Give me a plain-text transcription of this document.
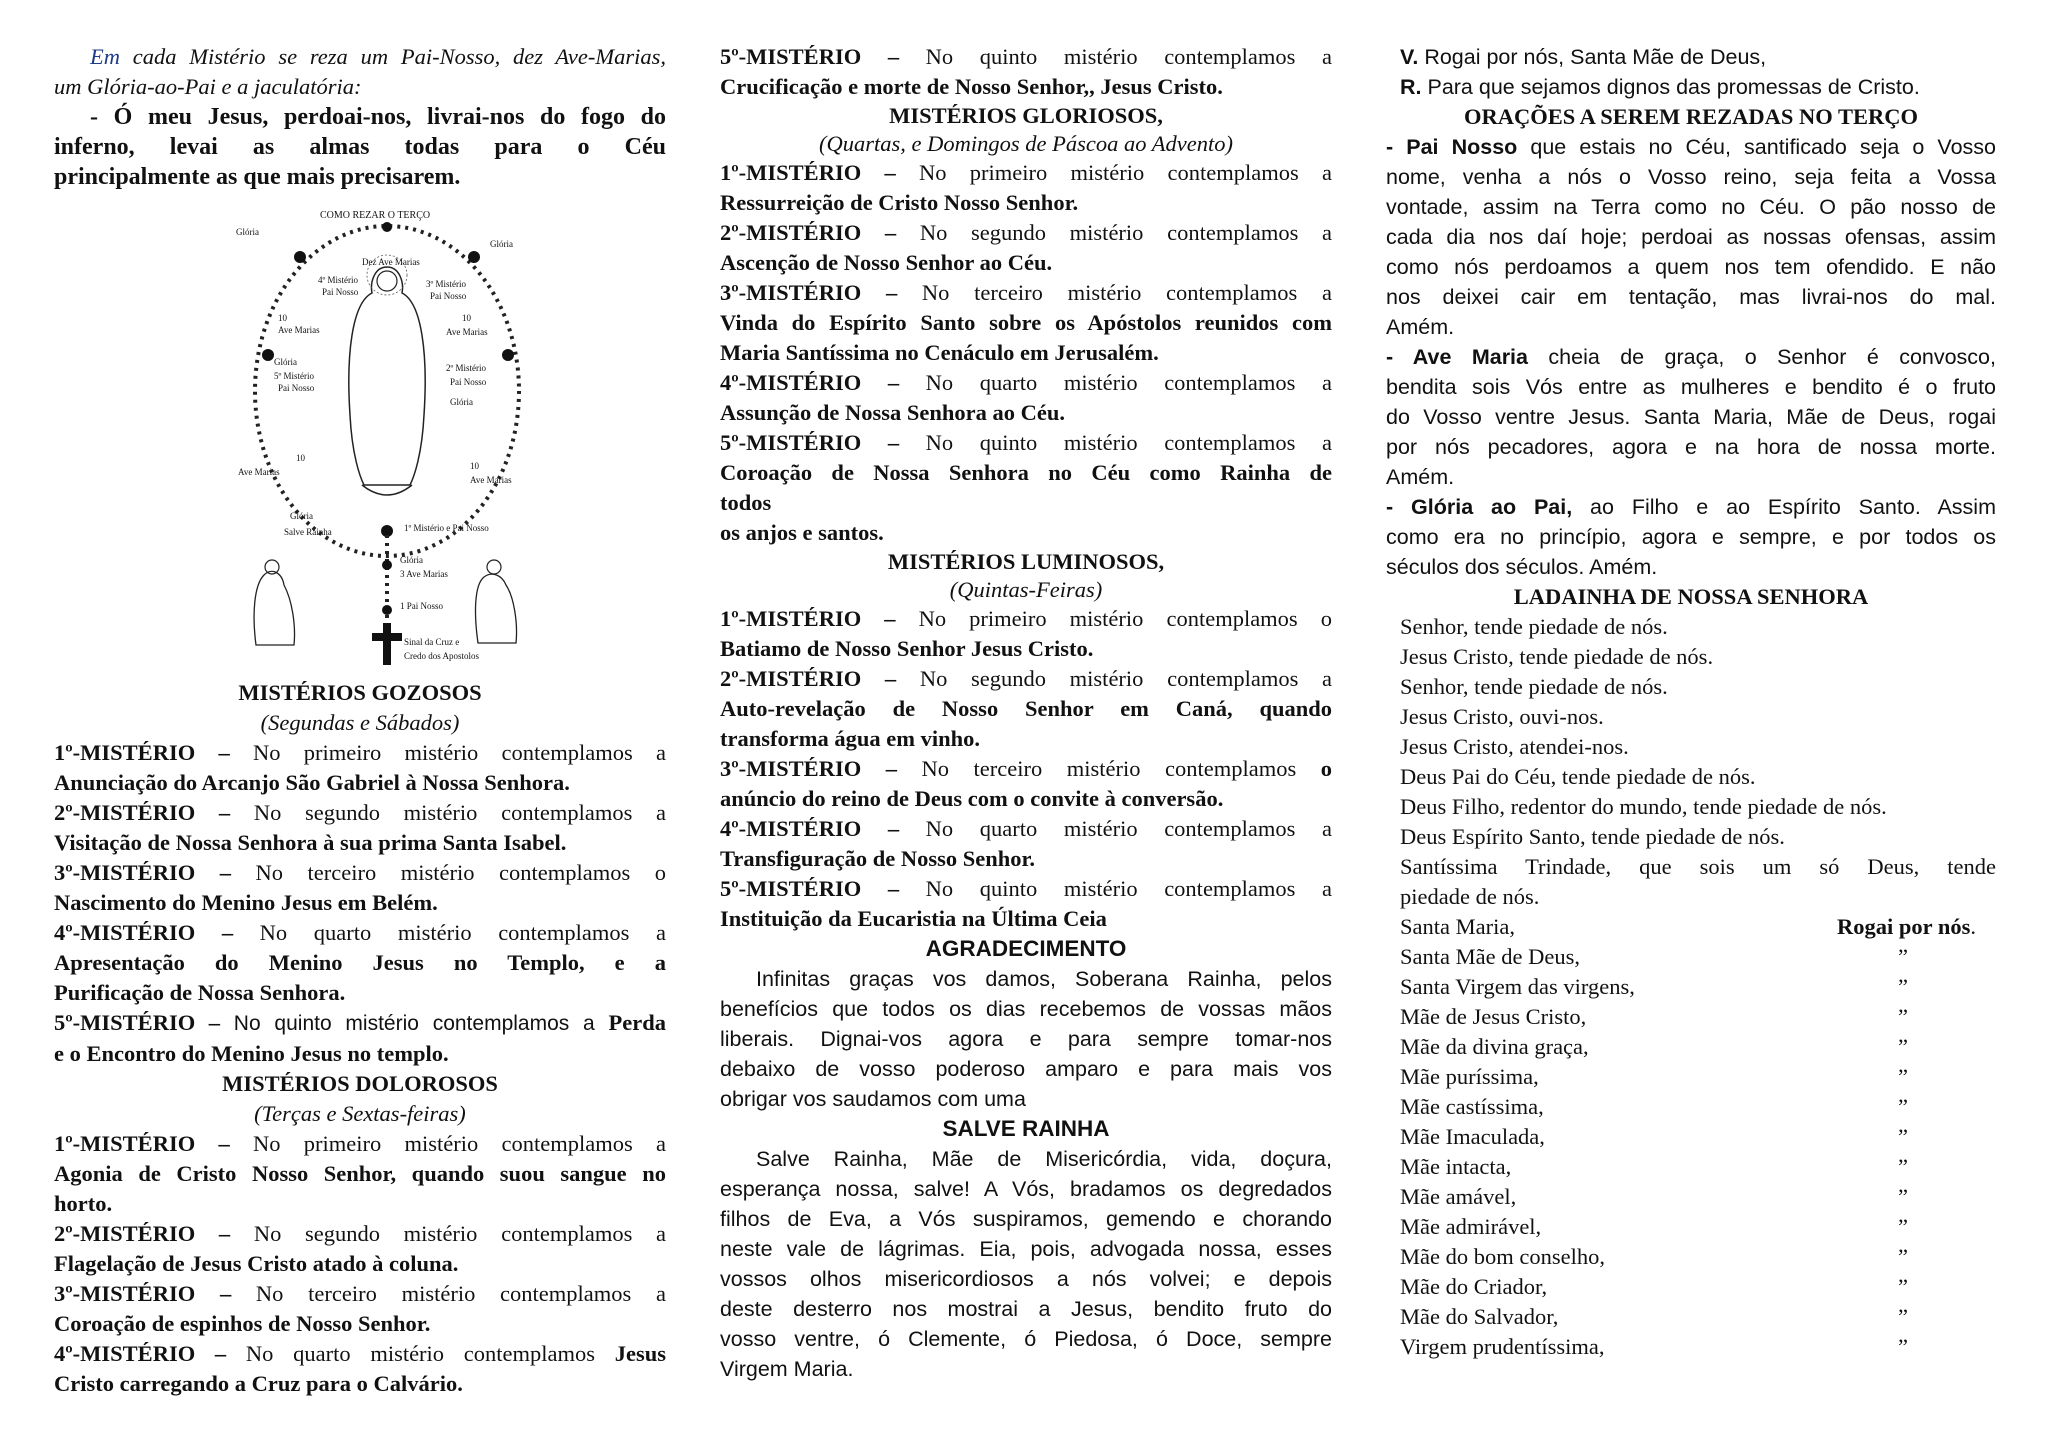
Em cada Mistério se reza um Pai-Nosso, dez Ave-Marias,

um Glória-ao-Pai e a jaculatória:

- Ó meu Jesus, perdoai-nos, livrai-nos do fogo do

inferno, levai as almas todas para o Céu

principalmente as que mais precisarem.

COMO REZAR O TERÇO
Glória
Glória
Dez Ave Marias
4º Mistério
Pai Nosso
3º Mistério
Pai Nosso
10
Ave Marias
10
Ave Marias
Glória
5º Mistério
Pai Nosso
2º Mistério
Pai Nosso
Glória
10
Ave Marias
10
Ave Marias
Glória
Salve Rainha	1º Mistério e Pai Nosso
Glória
3 Ave Marias
1 Pai Nosso
Sinal da Cruz e
Credo dos Apostolos

MISTÉRIOS GOZOSOS

(Segundas e Sábados)

1º-MISTÉRIO – No primeiro mistério contemplamos a

Anunciação do Arcanjo São Gabriel à Nossa Senhora.

2º-MISTÉRIO – No segundo mistério contemplamos a

Visitação de Nossa Senhora à sua prima Santa Isabel.

3º-MISTÉRIO – No terceiro mistério contemplamos o

Nascimento do Menino Jesus em Belém.

4º-MISTÉRIO – No quarto mistério contemplamos a

Apresentação do Menino Jesus no Templo, e a

Purificação de Nossa Senhora.

5º-MISTÉRIO – No quinto mistério contemplamos a Perda

e o Encontro do Menino Jesus no templo.

MISTÉRIOS DOLOROSOS

(Terças e Sextas-feiras)

1º-MISTÉRIO – No primeiro mistério contemplamos a

Agonia de Cristo Nosso Senhor, quando suou sangue no

horto.

2º-MISTÉRIO – No segundo mistério contemplamos a

Flagelação de Jesus Cristo atado à coluna.

3º-MISTÉRIO – No terceiro mistério contemplamos a

Coroação de espinhos de Nosso Senhor.

4º-MISTÉRIO – No quarto mistério contemplamos Jesus

Cristo carregando a Cruz para o Calvário.

5º-MISTÉRIO – No quinto mistério contemplamos a

Crucificação e morte de Nosso Senhor,, Jesus Cristo.

MISTÉRIOS GLORIOSOS,

(Quartas, e Domingos de Páscoa ao Advento)

1º-MISTÉRIO – No primeiro mistério contemplamos a

Ressurreição de Cristo Nosso Senhor.

2º-MISTÉRIO – No segundo mistério contemplamos a

Ascenção de Nosso Senhor ao Céu.

3º-MISTÉRIO – No terceiro mistério contemplamos a

Vinda do Espírito Santo sobre os Apóstolos reunidos com

Maria Santíssima no Cenáculo em Jerusalém.

4º-MISTÉRIO – No quarto mistério contemplamos a

Assunção de Nossa Senhora ao Céu.

5º-MISTÉRIO – No quinto mistério contemplamos a

Coroação de Nossa Senhora no Céu como Rainha de

todos

os anjos e santos.

MISTÉRIOS LUMINOSOS,

(Quintas-Feiras)

1º-MISTÉRIO – No primeiro mistério contemplamos o

Batiamo de Nosso Senhor Jesus Cristo.

2º-MISTÉRIO – No segundo mistério contemplamos a

Auto-revelação de Nosso Senhor em Caná, quando

transforma água em vinho.

3º-MISTÉRIO – No terceiro mistério contemplamos o

anúncio do reino de Deus com o convite à conversão.

4º-MISTÉRIO – No quarto mistério contemplamos a

Transfiguração de Nosso Senhor.

5º-MISTÉRIO – No quinto mistério contemplamos a

Instituição da Eucaristia na Última Ceia

AGRADECIMENTO

Infinitas graças vos damos, Soberana Rainha, pelos

benefícios que todos os dias recebemos de vossas mãos

liberais. Dignai-vos agora e para sempre tomar-nos

debaixo de vosso poderoso amparo e para mais vos

obrigar vos saudamos com uma

SALVE RAINHA

Salve Rainha, Mãe de Misericórdia, vida, doçura,

esperança nossa, salve! A Vós, bradamos os degredados

filhos de Eva, a Vós suspiramos, gemendo e chorando

neste vale de lágrimas. Eia, pois, advogada nossa, esses

vossos olhos misericordiosos a nós volvei; e depois

deste desterro nos mostrai a Jesus, bendito fruto do

vosso ventre, ó Clemente, ó Piedosa, ó Doce, sempre

Virgem Maria.

V. Rogai por nós, Santa Mãe de Deus,

R. Para que sejamos dignos das promessas de Cristo.

ORAÇÕES A SEREM REZADAS NO TERÇO

- Pai Nosso que estais no Céu, santificado seja o Vosso

nome, venha a nós o Vosso reino, seja feita a Vossa

vontade, assim na Terra como no Céu. O pão nosso de

cada dia nos daí hoje; perdoai as nossas ofensas, assim

como nós perdoamos a quem nos tem ofendido. E não

nos deixei cair em tentação, mas livrai-nos do mal.

Amém.

- Ave Maria cheia de graça, o Senhor é convosco,

bendita sois Vós entre as mulheres e bendito é o fruto

do Vosso ventre Jesus. Santa Maria, Mãe de Deus, rogai

por nós pecadores, agora e na hora de nossa morte.

Amém.

- Glória ao Pai, ao Filho e ao Espírito Santo. Assim

como era no princípio, agora e sempre, e por todos os

séculos dos séculos. Amém.

LADAINHA DE NOSSA SENHORA

Senhor, tende piedade de nós.

Jesus Cristo, tende piedade de nós.

Senhor, tende piedade de nós.

Jesus Cristo, ouvi-nos.

Jesus Cristo, atendei-nos.

Deus Pai do Céu, tende piedade de nós.

Deus Filho, redentor do mundo, tende piedade de nós.

Deus Espírito Santo, tende piedade de nós.

Santíssima Trindade, que sois um só Deus, tende

piedade de nós.

Santa Maria,	Rogai por nós.

Santa Mãe de Deus,	”

Santa Virgem das virgens,	”

Mãe de Jesus Cristo,	”

Mãe da divina graça,	”

Mãe puríssima,	”

Mãe castíssima,	”

Mãe Imaculada,	”

Mãe intacta,	”

Mãe amável,	”

Mãe admirável,	”

Mãe do bom conselho,	”

Mãe do Criador,	”

Mãe do Salvador,	”

Virgem prudentíssima,	”
